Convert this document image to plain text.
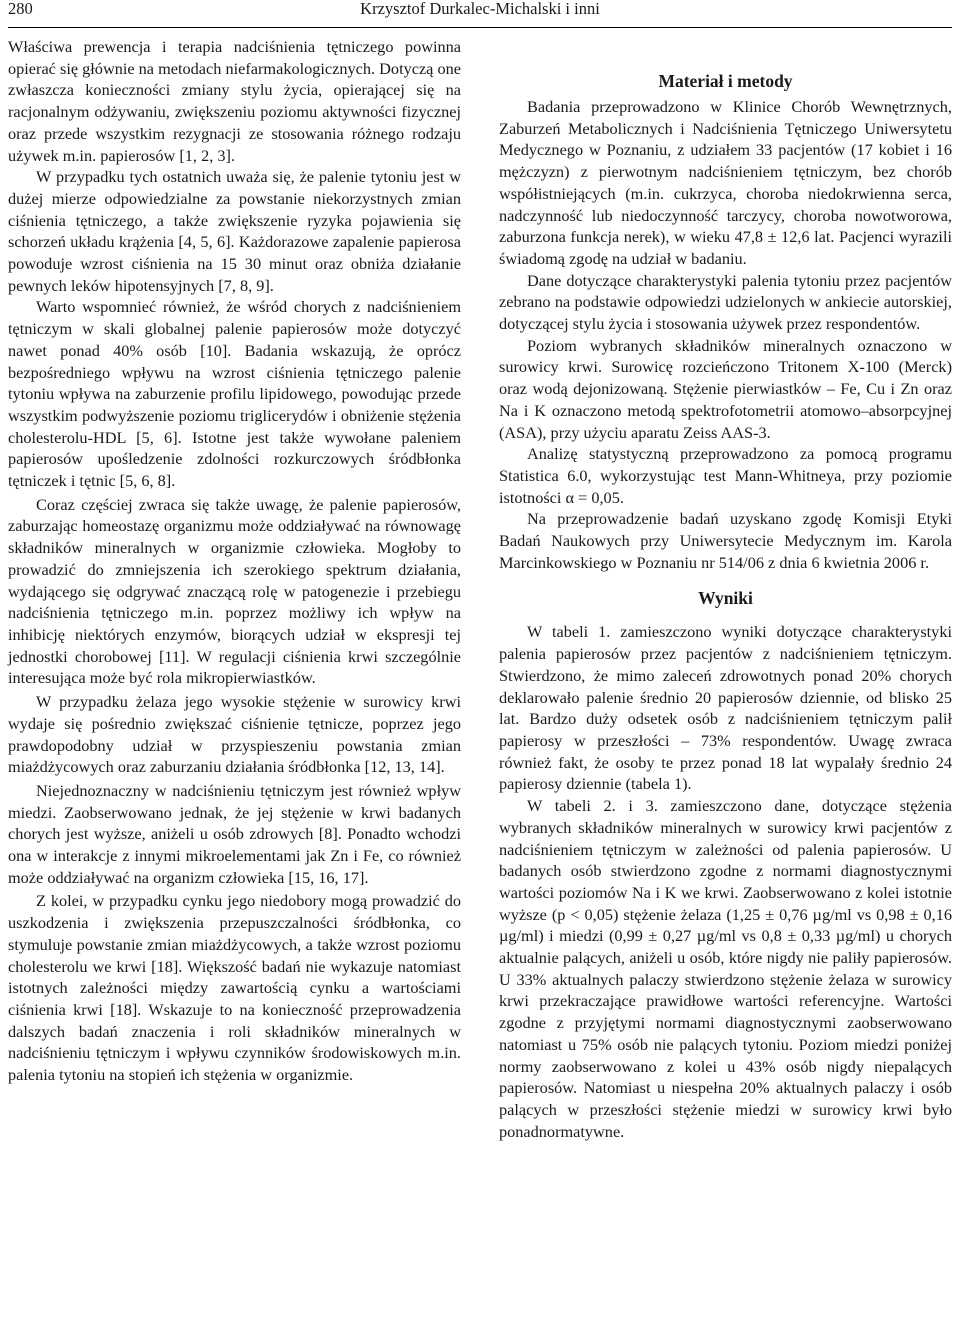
280	Krzysztof Durkalec-Michalski i inni

Właściwa prewencja i terapia nadciśnienia tętniczego powinna opierać się głównie na metodach niefarmakologicznych. Dotyczą one zwłaszcza konieczności zmiany stylu życia, opierającej się na racjonalnym odżywaniu, zwiększeniu poziomu aktywności fizycznej oraz przede wszystkim rezygnacji ze stosowania różnego rodzaju używek m.in. papierosów [1, 2, 3].

W przypadku tych ostatnich uważa się, że palenie tytoniu jest w dużej mierze odpowiedzialne za powstanie niekorzystnych zmian ciśnienia tętniczego, a także zwiększenie ryzyka pojawienia się schorzeń układu krążenia [4, 5, 6]. Każdorazowe zapalenie papierosa powoduje wzrost ciśnienia na 15 30 minut oraz obniża działanie pewnych leków hipotensyjnych [7, 8, 9].

Warto wspomnieć również, że wśród chorych z nadciśnieniem tętniczym w skali globalnej palenie papierosów może dotyczyć nawet ponad 40% osób [10]. Badania wskazują, że oprócz bezpośredniego wpływu na wzrost ciśnienia tętniczego palenie tytoniu wpływa na zaburzenie profilu lipidowego, powodując przede wszystkim podwyższenie poziomu triglicerydów i obniżenie stężenia cholesterolu-HDL [5, 6]. Istotne jest także wywołane paleniem papierosów upośledzenie zdolności rozkurczowych śródbłonka tętniczek i tętnic [5, 6, 8].

Coraz częściej zwraca się także uwagę, że palenie papierosów, zaburzając homeostazę organizmu może oddziaływać na równowagę składników mineralnych w organizmie człowieka. Mogłoby to prowadzić do zmniejszenia ich szerokiego spektrum działania, wydającego się odgrywać znaczącą rolę w patogenezie i przebiegu nadciśnienia tętniczego m.in. poprzez możliwy ich wpływ na inhibicję niektórych enzymów, biorących udział w ekspresji tej jednostki chorobowej [11]. W regulacji ciśnienia krwi szczególnie interesująca może być rola mikropierwiastków.

W przypadku żelaza jego wysokie stężenie w surowicy krwi wydaje się pośrednio zwiększać ciśnienie tętnicze, poprzez jego prawdopodobny udział w przyspieszeniu powstania zmian miażdżycowych oraz zaburzaniu działania śródbłonka [12, 13, 14].

Niejednoznaczny w nadciśnieniu tętniczym jest również wpływ miedzi. Zaobserwowano jednak, że jej stężenie w krwi badanych chorych jest wyższe, aniżeli u osób zdrowych [8]. Ponadto wchodzi ona w interakcje z innymi mikroelementami jak Zn i Fe, co również może oddziaływać na organizm człowieka [15, 16, 17].

Z kolei, w przypadku cynku jego niedobory mogą prowadzić do uszkodzenia i zwiększenia przepuszczalności śródbłonka, co stymuluje powstanie zmian miażdżycowych, a także wzrost poziomu cholesterolu we krwi [18]. Większość badań nie wykazuje natomiast istotnych zależności między zawartością cynku a wartościami ciśnienia krwi [18]. Wskazuje to na konieczność przeprowadzenia dalszych badań znaczenia i roli składników mineralnych w nadciśnieniu tętniczym i wpływu czynników środowiskowych m.in. palenia tytoniu na stopień ich stężenia w organizmie.

Materiał i metody

Badania przeprowadzono w Klinice Chorób Wewnętrznych, Zaburzeń Metabolicznych i Nadciśnienia Tętniczego Uniwersytetu Medycznego w Poznaniu, z udziałem 33 pacjentów (17 kobiet i 16 mężczyzn) z pierwotnym nadciśnieniem tętniczym, bez chorób współistniejących (m.in. cukrzyca, choroba niedokrwienna serca, nadczynność lub niedoczynność tarczycy, choroba nowotworowa, zaburzona funkcja nerek), w wieku 47,8 ± 12,6 lat. Pacjenci wyrazili świadomą zgodę na udział w badaniu.

Dane dotyczące charakterystyki palenia tytoniu przez pacjentów zebrano na podstawie odpowiedzi udzielonych w ankiecie autorskiej, dotyczącej stylu życia i stosowania używek przez respondentów.

Poziom wybranych składników mineralnych oznaczono w surowicy krwi. Surowicę rozcieńczono Tritonem X-100 (Merck) oraz wodą dejonizowaną. Stężenie pierwiastków – Fe, Cu i Zn oraz Na i K oznaczono metodą spektrofotometrii atomowo–absorpcyjnej (ASA), przy użyciu aparatu Zeiss AAS-3.

Analizę statystyczną przeprowadzono za pomocą programu Statistica 6.0, wykorzystując test Mann-Whitneya, przy poziomie istotności α = 0,05.

Na przeprowadzenie badań uzyskano zgodę Komisji Etyki Badań Naukowych przy Uniwersytecie Medycznym im. Karola Marcinkowskiego w Poznaniu nr 514/06 z dnia 6 kwietnia 2006 r.

Wyniki

W tabeli 1. zamieszczono wyniki dotyczące charakterystyki palenia papierosów przez pacjentów z nadciśnieniem tętniczym. Stwierdzono, że mimo zaleceń zdrowotnych ponad 20% chorych deklarowało palenie średnio 20 papierosów dziennie, od blisko 25 lat. Bardzo duży odsetek osób z nadciśnieniem tętniczym palił papierosy w przeszłości – 73% respondentów. Uwagę zwraca również fakt, że osoby te przez ponad 18 lat wypalały średnio 24 papierosy dziennie (tabela 1).

W tabeli 2. i 3. zamieszczono dane, dotyczące stężenia wybranych składników mineralnych w surowicy krwi pacjentów z nadciśnieniem tętniczym w zależności od palenia papierosów. U badanych osób stwierdzono zgodne z normami diagnostycznymi wartości poziomów Na i K we krwi. Zaobserwowano z kolei istotnie wyższe (p < 0,05) stężenie żelaza (1,25 ± 0,76 µg/ml vs 0,98 ± 0,16 µg/ml) i miedzi (0,99 ± 0,27 µg/ml vs 0,8 ± 0,33 µg/ml) u chorych aktualnie palących, aniżeli u osób, które nigdy nie paliły papierosów. U 33% aktualnych palaczy stwierdzono stężenie żelaza w surowicy krwi przekraczające prawidłowe wartości referencyjne. Wartości zgodne z przyjętymi normami diagnostycznymi zaobserwowano natomiast u 75% osób nie palących tytoniu. Poziom miedzi poniżej normy zaobserwowano z kolei u 43% osób nigdy niepalących papierosów. Natomiast u niespełna 20% aktualnych palaczy i osób palących w przeszłości stężenie miedzi w surowicy krwi było ponadnormatywne.
